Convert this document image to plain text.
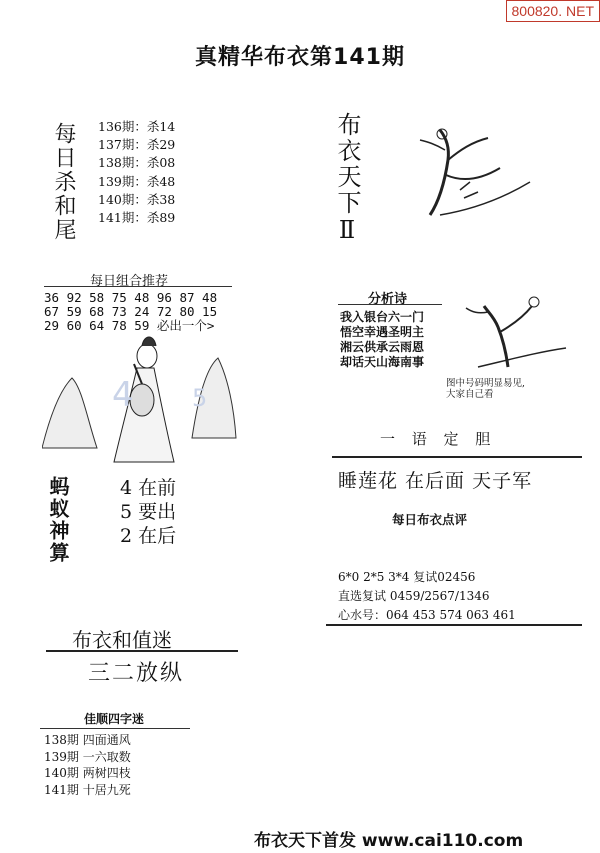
800820. NET
真精华布衣第141期
每日杀和尾 136期：杀14
137期：杀29
138期：杀08
139期：杀48
140期：杀38
141期：杀89	布衣天下Ⅱ
每日组合推荐
36 92 58 75 48 96 87 48
67 59 68 73 24 72 80 15
29 60 64 78 59 必出一个>
4 5
蚂蚁神算	4 在前
5 要出
2 在后
布衣和值迷
三二放纵
佳顺四字迷
138期 四面通风
139期 一六取数
140期 两树四枝
141期 十居九死
分析诗
我入银台六一门
悟空幸遇圣明主
湘云供承云雨恩
却话天山海南事
图中号码明显易见,
大家自己看
一 语 定 胆
睡莲花 在后面 天子军
每日布衣点评
6*0 2*5 3*4 复试02456
直选复试 0459/2567/1346
心水号：064 453 574 063 461
布衣天下首发 www.cai110.com
